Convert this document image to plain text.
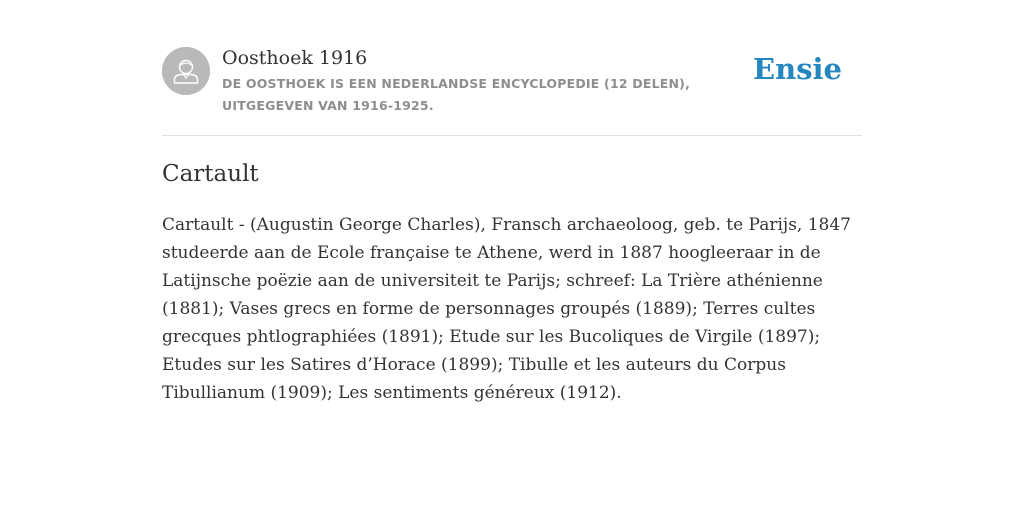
Oosthoek 1916
DE OOSTHOEK IS EEN NEDERLANDSE ENCYCLOPEDIE (12 DELEN), UITGEGEVEN VAN 1916-1925.
Ensie
Cartault

Cartault - (Augustin George Charles), Fransch archaeoloog, geb. te Parijs, 1847 studeerde aan de Ecole française te Athene, werd in 1887 hoogleeraar in de Latijnsche poëzie aan de universiteit te Parijs; schreef: La Trière athénienne (1881); Vases grecs en forme de personnages groupés (1889); Terres cultes grecques phtlographiées (1891); Etude sur les Bucoliques de Virgile (1897); Etudes sur les Satires d’Horace (1899); Tibulle et les auteurs du Corpus Tibullianum (1909); Les sentiments généreux (1912).
